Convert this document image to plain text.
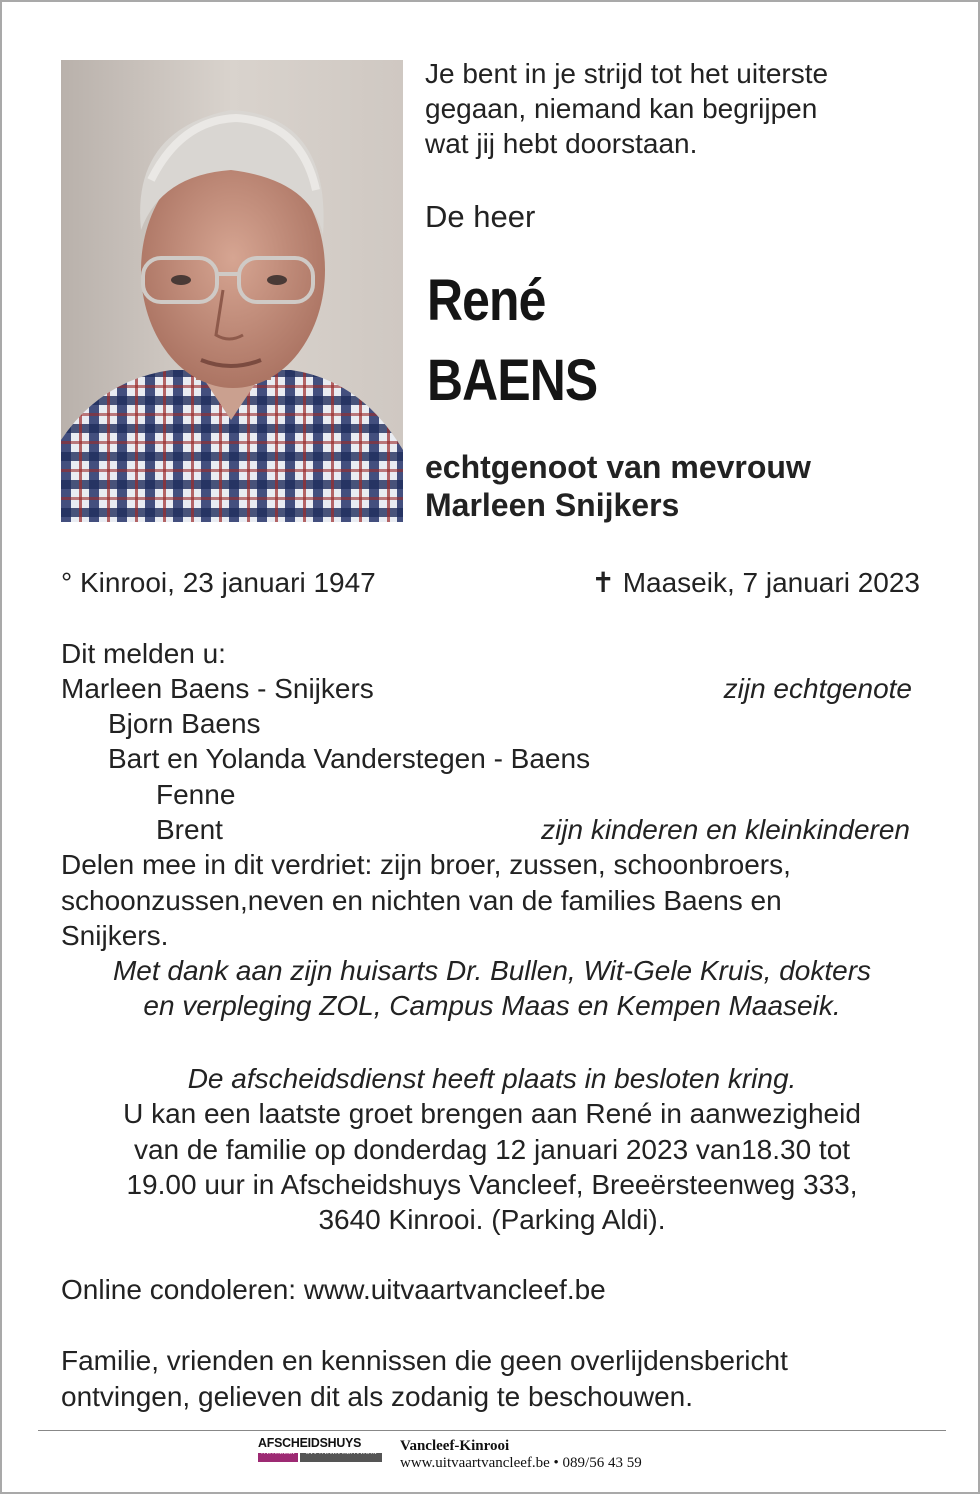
Je bent in je strijd tot het uiterste
gegaan, niemand kan begrijpen
wat jij hebt doorstaan.
De heer
René
BAENS
echtgenoot van mevrouw
Marleen Snijkers
° Kinrooi, 23 januari 1947	✝ Maaseik, 7 januari 2023
Dit melden u:
Marleen Baens - Snijkers	zijn echtgenote
Bjorn Baens
Bart en Yolanda Vanderstegen - Baens
Fenne
Brent	zijn kinderen en kleinkinderen
Delen mee in dit verdriet: zijn broer, zussen, schoonbroers,
schoonzussen,neven en nichten van de families Baens en
Snijkers.
Met dank aan zijn huisarts Dr. Bullen, Wit-Gele Kruis, dokters
en verpleging ZOL, Campus Maas en Kempen Maaseik.
De afscheidsdienst heeft plaats in besloten kring.
U kan een laatste groet brengen aan René in aanwezigheid
van de familie op donderdag 12 januari 2023 van18.30 tot
19.00 uur in Afscheidshuys Vancleef, Breeërsteenweg 333,
3640 Kinrooi. (Parking Aldi).
Online condoleren: www.uitvaartvancleef.be
Familie, vrienden en kennissen die geen overlijdensbericht
ontvingen, gelieven dit als zodanig te beschouwen.
AFSCHEIDSHUYS
VANCLEEF UITVAARTCENTRUM	Vancleef-Kinrooi
www.uitvaartvancleef.be • 089/56 43 59
